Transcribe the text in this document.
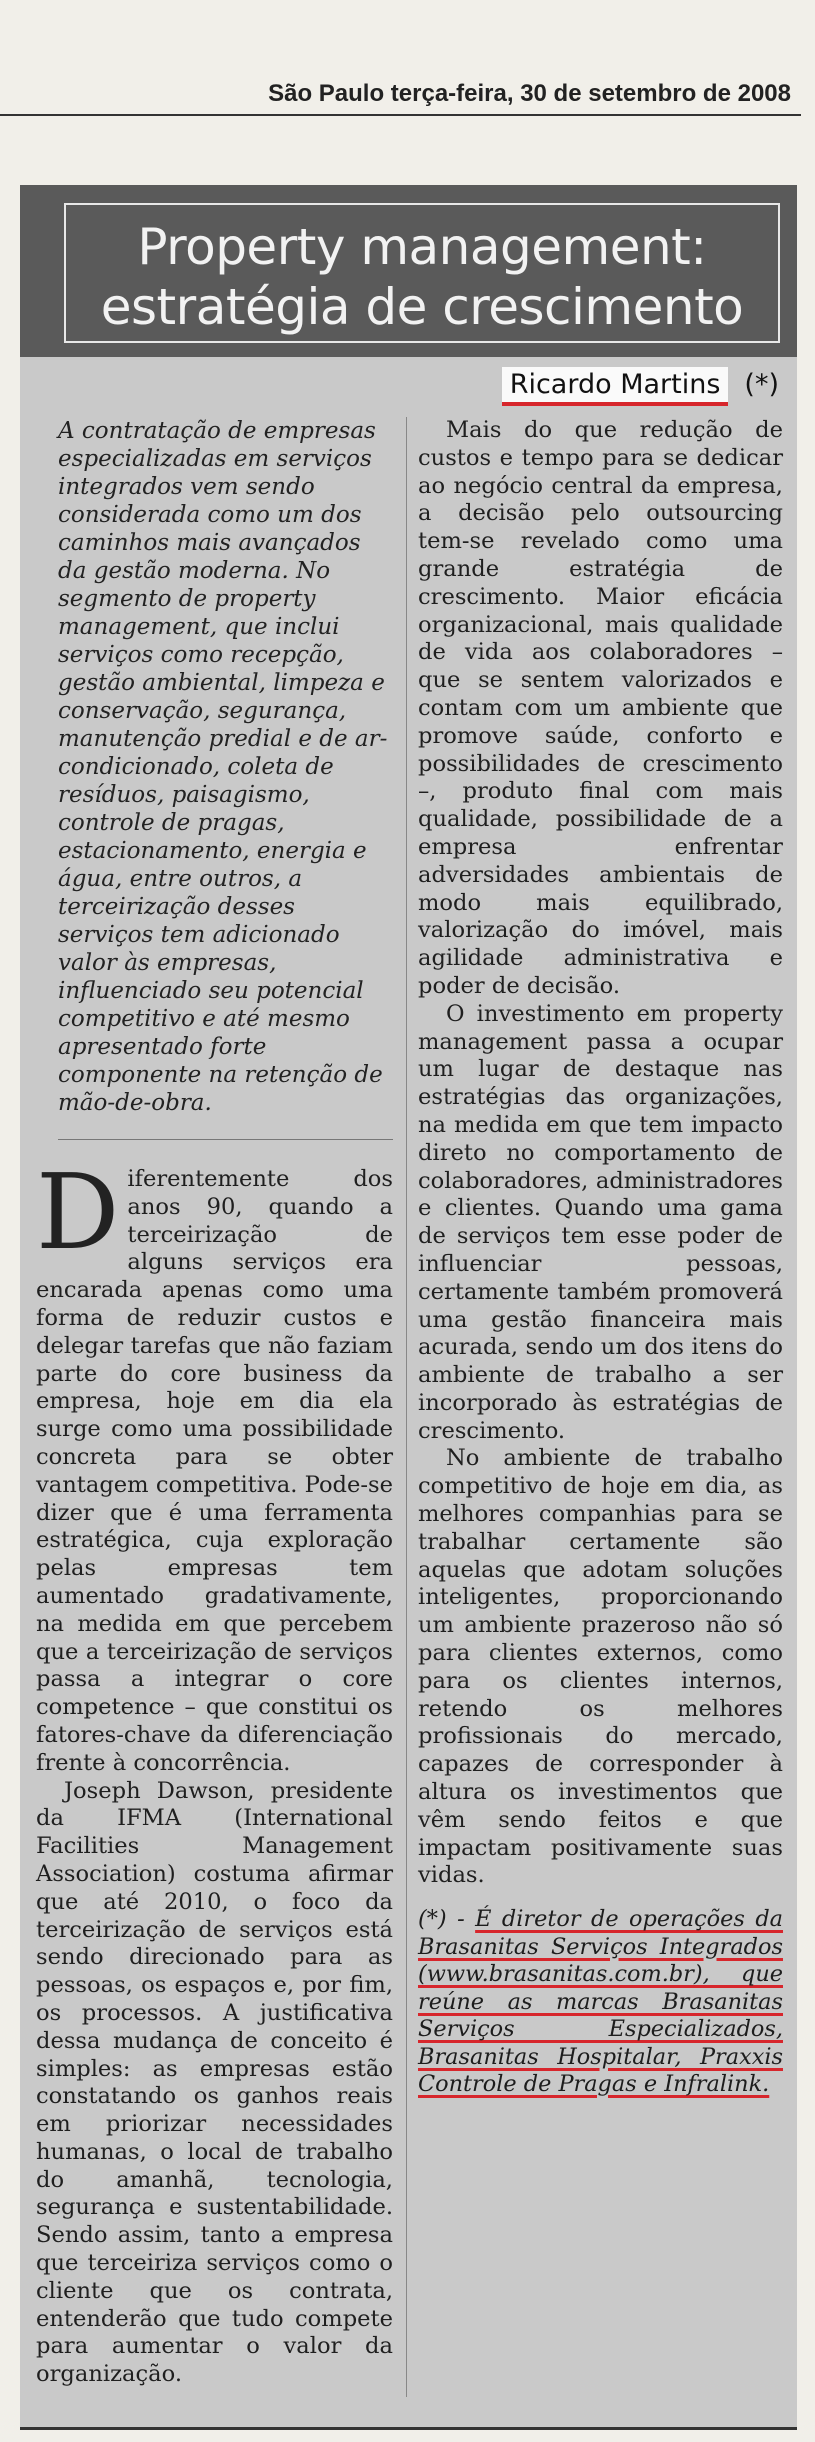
São Paulo terça-feira, 30 de setembro de 2008
Property management:
estratégia de crescimento
Ricardo Martins (*)

A contratação de empresas especializadas em serviços integrados vem sendo considerada como um dos caminhos mais avançados da gestão moderna. No segmento de property management, que inclui serviços como recepção, gestão ambiental, limpeza e conservação, segurança, manutenção predial e de ar-condicionado, coleta de resíduos, paisagismo, controle de pragas, estacionamento, energia e água, entre outros, a terceirização desses serviços tem adicionado valor às empresas, influenciado seu potencial competitivo e até mesmo apresentado forte componente na retenção de mão-de-obra.

Diferentemente dos anos 90, quando a terceirização de alguns serviços era encarada apenas como uma forma de reduzir custos e delegar tarefas que não faziam parte do core business da empresa, hoje em dia ela surge como uma possibilidade concreta para se obter vantagem competitiva. Pode-se dizer que é uma ferramenta estratégica, cuja exploração pelas empresas tem aumentado gradativamente, na medida em que percebem que a terceirização de serviços passa a integrar o core competence – que constitui os fatores-chave da diferenciação frente à concorrência.

Joseph Dawson, presidente da IFMA (International Facilities Management Association) costuma afirmar que até 2010, o foco da terceirização de serviços está sendo direcionado para as pessoas, os espaços e, por fim, os processos. A justificativa dessa mudança de conceito é simples: as empresas estão constatando os ganhos reais em priorizar necessidades humanas, o local de trabalho do amanhã, tecnologia, segurança e sustentabilidade. Sendo assim, tanto a empresa que terceiriza serviços como o cliente que os contrata, entenderão que tudo compete para aumentar o valor da organização.

Mais do que redução de custos e tempo para se dedicar ao negócio central da empresa, a decisão pelo outsourcing tem-se revelado como uma grande estratégia de crescimento. Maior eficácia organizacional, mais qualidade de vida aos colaboradores – que se sentem valorizados e contam com um ambiente que promove saúde, conforto e possibilidades de crescimento –, produto final com mais qualidade, possibilidade de a empresa enfrentar adversidades ambientais de modo mais equilibrado, valorização do imóvel, mais agilidade administrativa e poder de decisão.

O investimento em property management passa a ocupar um lugar de destaque nas estratégias das organizações, na medida em que tem impacto direto no comportamento de colaboradores, administradores e clientes. Quando uma gama de serviços tem esse poder de influenciar pessoas, certamente também promoverá uma gestão financeira mais acurada, sendo um dos itens do ambiente de trabalho a ser incorporado às estratégias de crescimento.

No ambiente de trabalho competitivo de hoje em dia, as melhores companhias para se trabalhar certamente são aquelas que adotam soluções inteligentes, proporcionando um ambiente prazeroso não só para clientes externos, como para os clientes internos, retendo os melhores profissionais do mercado, capazes de corresponder à altura os investimentos que vêm sendo feitos e que impactam positivamente suas vidas.

(*) - É diretor de operações da Brasanitas Serviços Integrados (www.brasanitas.com.br), que reúne as marcas Brasanitas Serviços Especializados, Brasanitas Hospitalar, Praxxis Controle de Pragas e Infralink.
